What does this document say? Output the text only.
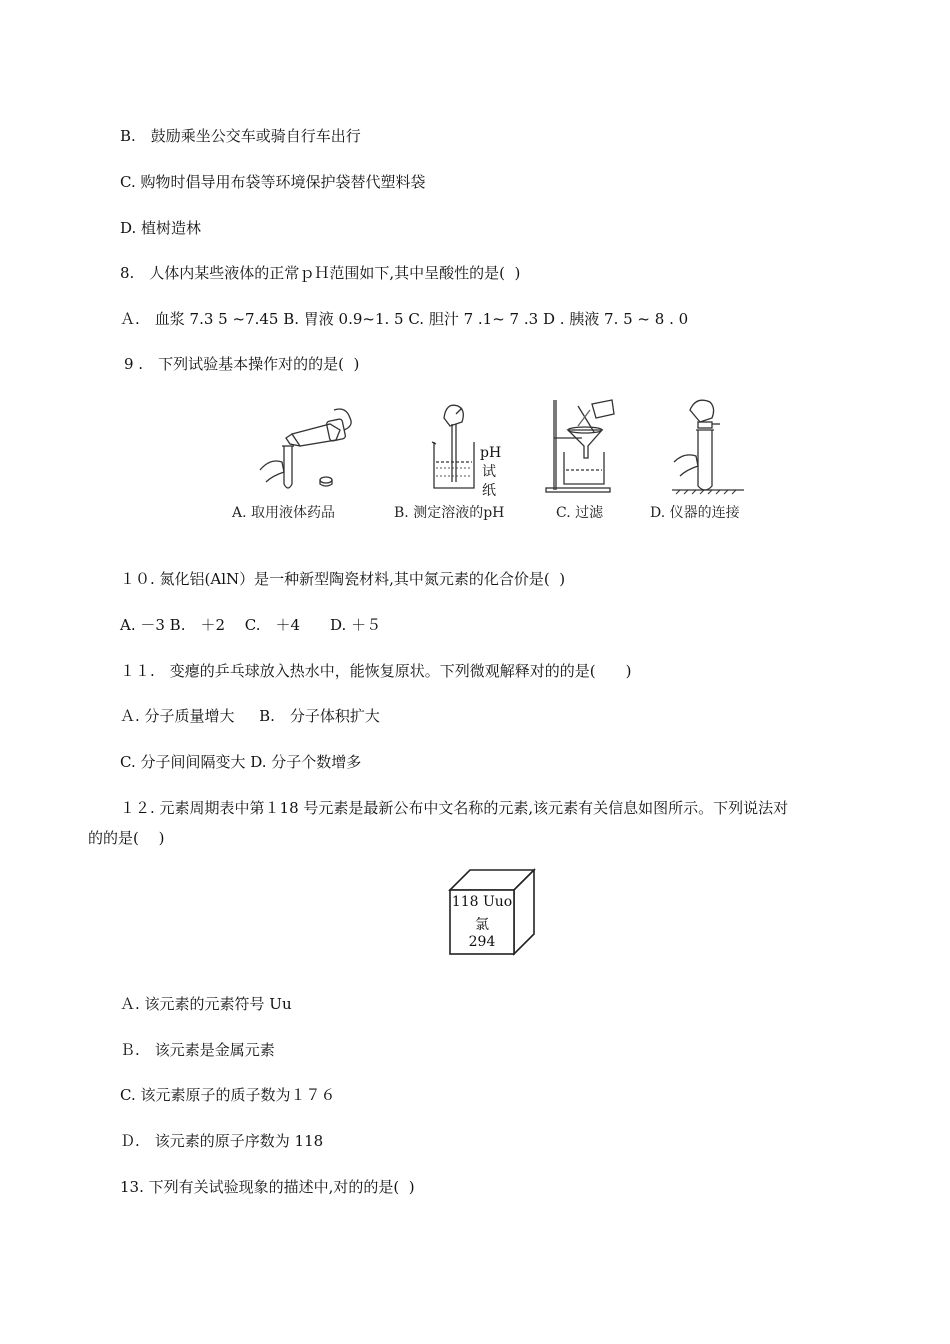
B.　鼓励乘坐公交车或骑自行车出行
C. 购物时倡导用布袋等环境保护袋替代塑料袋
D. 植树造林
8.　人体内某些液体的正常ｐＨ范围如下,其中呈酸性的是(  )
Ａ.　血浆 7.3 5 ~7.45 B. 胃液 0.9~1. 5 C. 胆汁 7 .1~ 7 .3 D . 胰液 7. 5 ~ 8 . 0
9 .　下列试验基本操作对的的是(  )
A. 取用液体药品
pH
试
纸
B. 测定溶液的pH	C. 过滤	D. 仪器的连接
１０. 氮化铝(AlN）是一种新型陶瓷材料,其中氮元素的化合价是(  )
A. －3 B.　＋2　 C.　＋4　　D. ＋５
１１.　变瘪的乒乓球放入热水中，能恢复原状。下列微观解释对的的是(　　)
Ａ. 分子质量增大 　 B.　分子体积扩大
C. 分子间间隔变大 D. 分子个数增多
１２. 元素周期表中第１18 号元素是最新公布中文名称的元素,该元素有关信息如图所示。下列说法对
的的是(　 )
118 Uuo
氯
294
Ａ. 该元素的元素符号 Uu
Ｂ.　该元素是金属元素
C. 该元素原子的质子数为１７６
Ｄ.　该元素的原子序数为 118
13. 下列有关试验现象的描述中,对的的是(  )
